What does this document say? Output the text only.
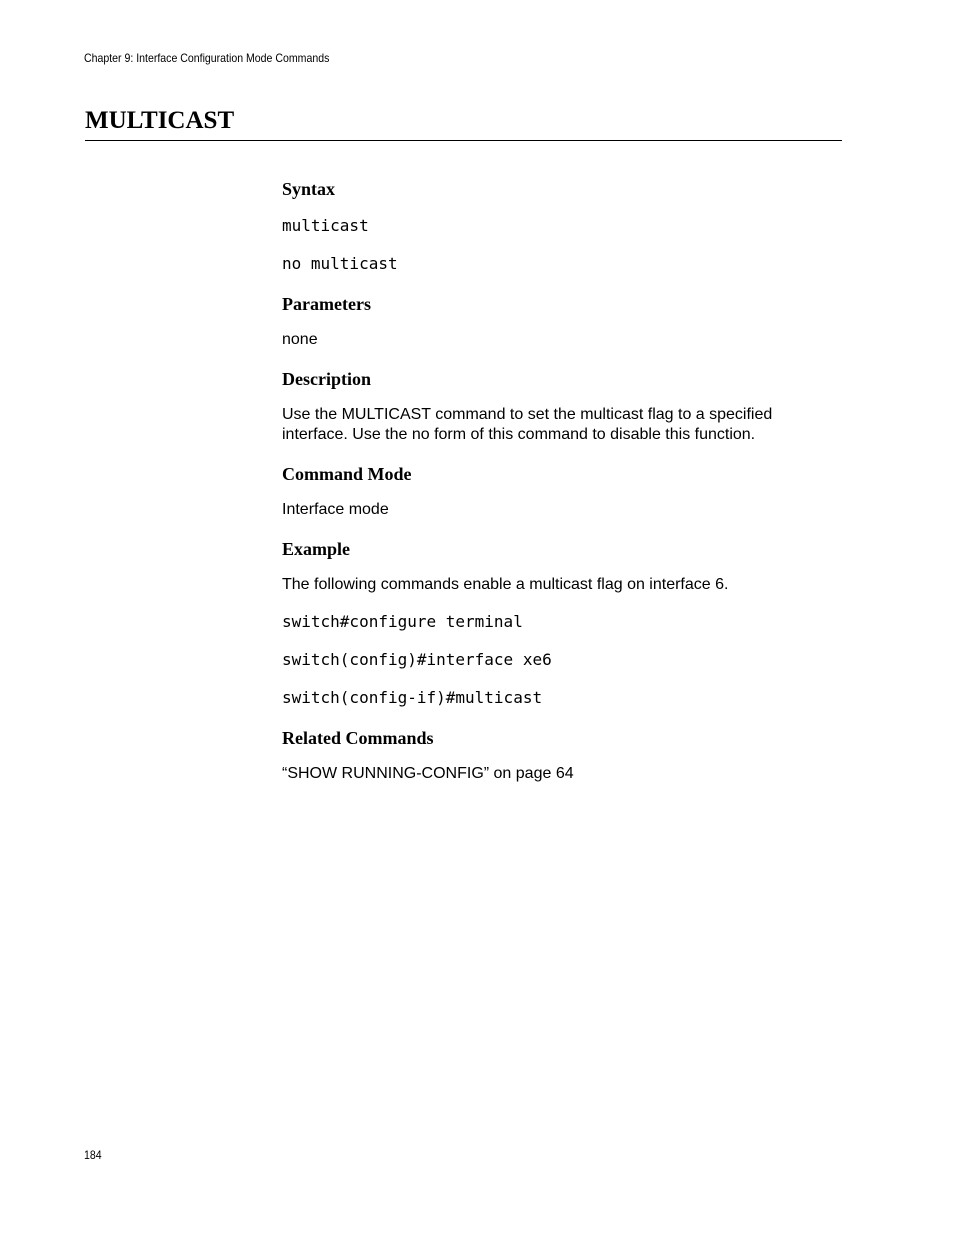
Chapter 9: Interface Configuration Mode Commands
MULTICAST
Syntax
multicast
no multicast
Parameters

none

Description

Use the MULTICAST command to set the multicast flag to a specified interface. Use the no form of this command to disable this function.

Command Mode

Interface mode

Example

The following commands enable a multicast flag on interface 6.

switch#configure terminal
switch(config)#interface xe6
switch(config-if)#multicast
Related Commands

“SHOW RUNNING-CONFIG” on page 64

184
